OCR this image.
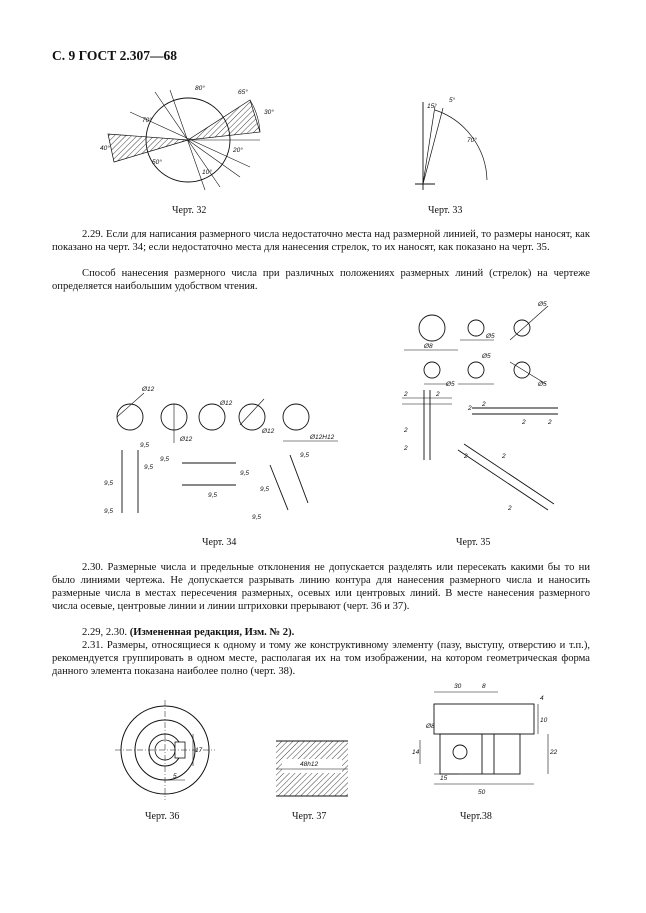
С. 9 ГОСТ 2.307—68
80°
65°
30°
70°
40°
50°
20°
10°
Черт. 32
15°
5°
70°
Черт. 33
2.29. Если для написания размерного числа недостаточно места над размерной линией, то размеры наносят, как показано на черт. 34; если недостаточно места для нанесения стрелок, то их наносят, как показано на черт. 35.
Способ нанесения размерного числа при различных положениях размерных линий (стрелок) на чертеже определяется наибольшим удобством чтения.
Ø12
Ø12
Ø12
Ø12
Ø12Н12
9,5
9,5
9,5
9,5
9,5
9,5
9,5
9,5
9,5
9,5
Черт. 34
Ø5
Ø8
Ø5
Ø5
Ø5	Ø5
2	2
2
2
2	2
2
2
2	2
2
Черт. 35
2.30. Размерные числа и предельные отклонения не допускается разделять или пересекать какими бы то ни было линиями чертежа. Не допускается разрывать линию контура для нанесения размерного числа и наносить размерные числа в местах пересечения размерных, осевых или центровых линий. В месте нанесения размерного числа осевые, центровые линии и линии штриховки прерывают (черт. 36 и 37).
2.29, 2.30. (Измененная редакция, Изм. № 2).
2.31. Размеры, относящиеся к одному и тому же конструктивному элементу (пазу, выступу, отверстию и т.п.), рекомендуется группировать в одном месте, располагая их на том изображении, на котором геометрическая форма данного элемента показана наиболее полно (черт. 38).
5
17
Черт. 36
48h12
Черт. 37
30	8
4
10
Ø8
14	22
15
50
Черт.38
